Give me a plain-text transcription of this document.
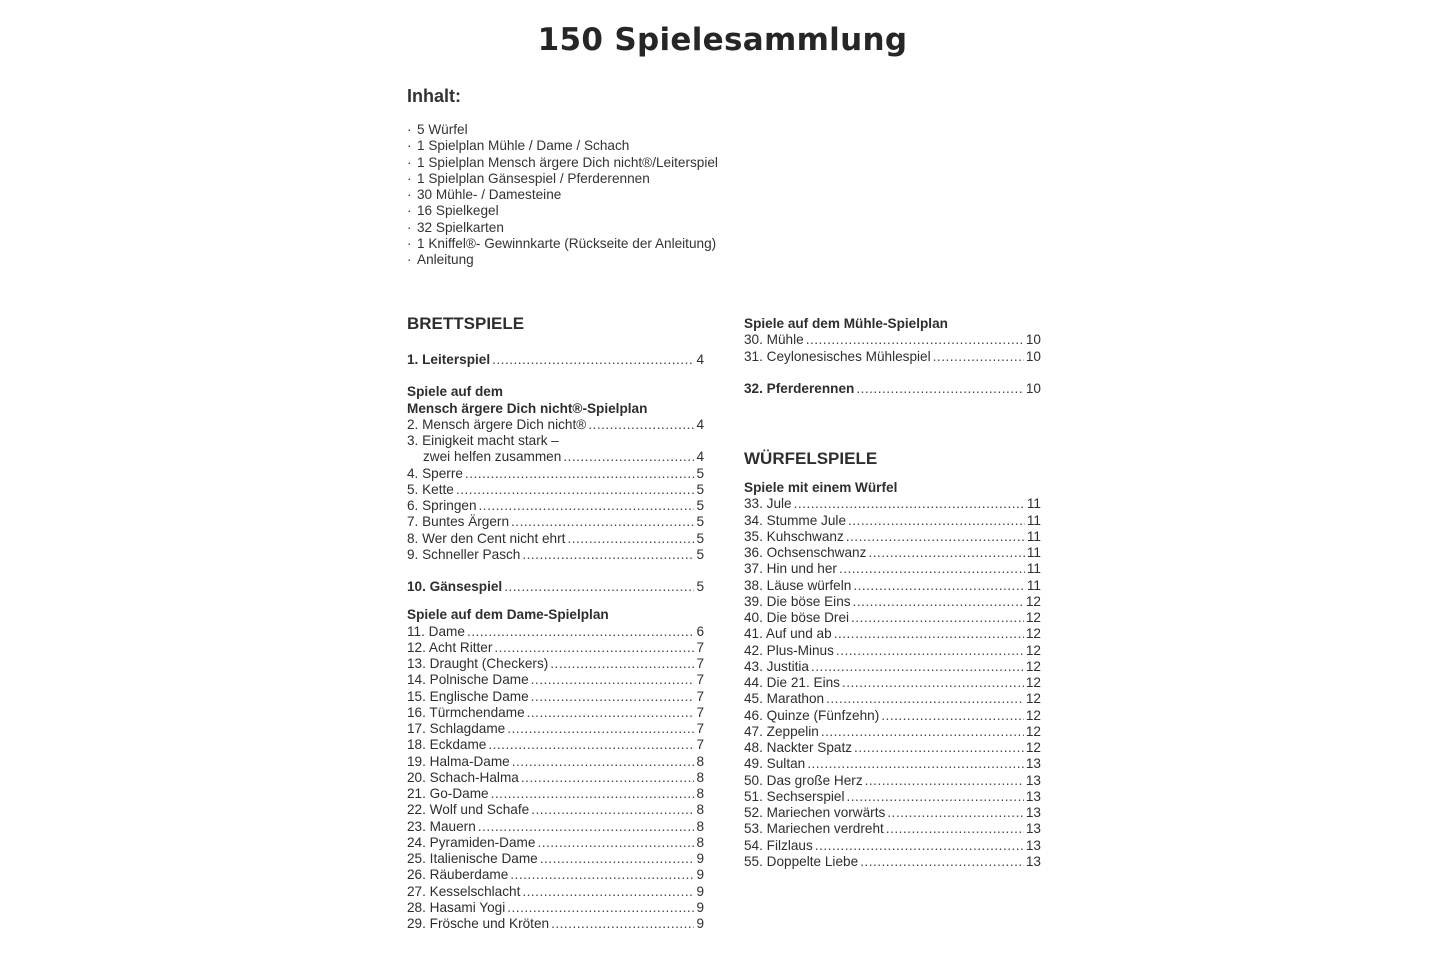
150 Spielesammlung
Inhalt:
· 5 Würfel
· 1 Spielplan Mühle / Dame / Schach
· 1 Spielplan Mensch ärgere Dich nicht®/Leiterspiel
· 1 Spielplan Gänsespiel / Pferderennen
· 30 Mühle- / Damesteine
· 16 Spielkegel
· 32 Spielkarten
· 1 Kniffel®- Gewinnkarte (Rückseite der Anleitung)
· Anleitung
BRETTSPIELE
1. Leiterspiel .....	4
Spiele auf dem
Mensch ärgere Dich nicht®-Spielplan
2. Mensch ärgere Dich nicht® .....	4
3. Einigkeit macht stark –
zwei helfen zusammen .....	4
4. Sperre .....	5
5. Kette .....	5
6. Springen .....	5
7. Buntes Ärgern .....	5
8. Wer den Cent nicht ehrt .....	5
9. Schneller Pasch .....	5
10. Gänsespiel .....	5
Spiele auf dem Dame-Spielplan
11. Dame .....	6
12. Acht Ritter .....	7
13. Draught (Checkers) .....	7
14. Polnische Dame .....	7
15. Englische Dame .....	7
16. Türmchendame .....	7
17. Schlagdame .....	7
18. Eckdame .....	7
19. Halma-Dame .....	8
20. Schach-Halma .....	8
21. Go-Dame .....	8
22. Wolf und Schafe .....	8
23. Mauern .....	8
24. Pyramiden-Dame .....	8
25. Italienische Dame .....	9
26. Räuberdame .....	9
27. Kesselschlacht .....	9
28. Hasami Yogi .....	9
29. Frösche und Kröten .....	9
Spiele auf dem Mühle-Spielplan
30. Mühle .....	10
31. Ceylonesisches Mühlespiel .....	10
32. Pferderennen .....	10
WÜRFELSPIELE
Spiele mit einem Würfel
33. Jule .....	11
34. Stumme Jule .....	11
35. Kuhschwanz .....	11
36. Ochsenschwanz .....	11
37. Hin und her .....	11
38. Läuse würfeln .....	11
39. Die böse Eins .....	12
40. Die böse Drei .....	12
41. Auf und ab .....	12
42. Plus-Minus .....	12
43. Justitia .....	12
44. Die 21. Eins .....	12
45. Marathon .....	12
46. Quinze (Fünfzehn) .....	12
47. Zeppelin .....	12
48. Nackter Spatz .....	12
49. Sultan .....	13
50. Das große Herz .....	13
51. Sechserspiel .....	13
52. Mariechen vorwärts .....	13
53. Mariechen verdreht .....	13
54. Filzlaus .....	13
55. Doppelte Liebe .....	13
